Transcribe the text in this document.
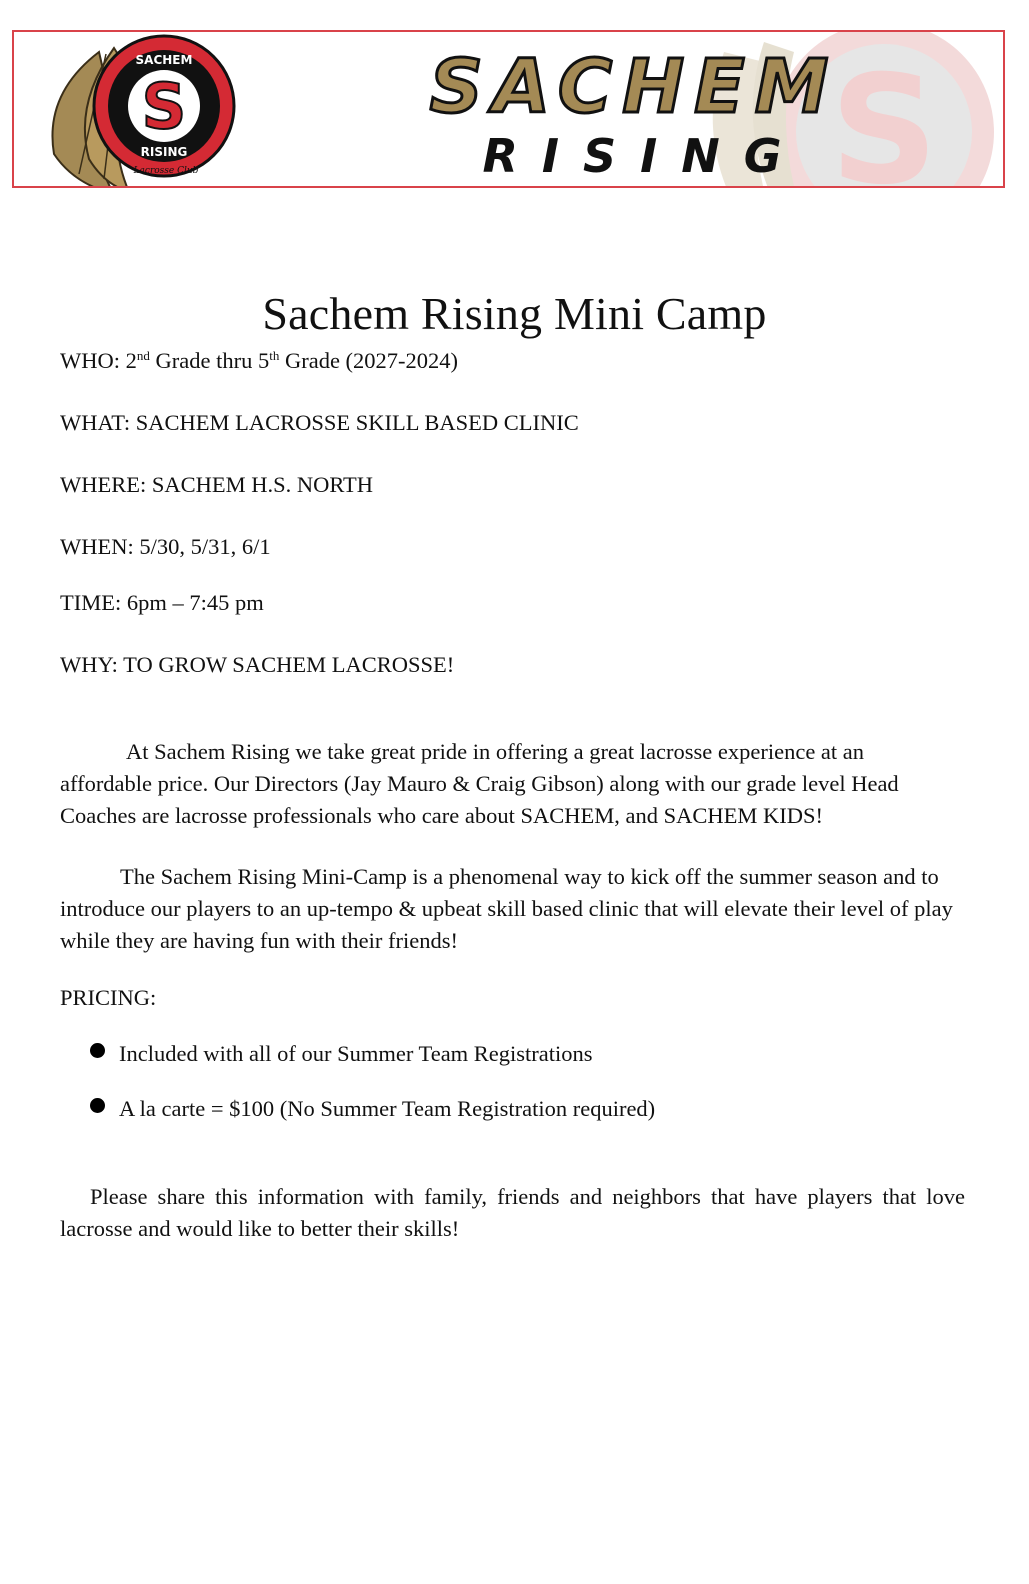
S
S
SACHEM
RISING
Lacrosse Club
SACHEM
RISING
Sachem Rising Mini Camp
WHO: 2nd Grade thru 5th Grade (2027-2024)
WHAT: SACHEM LACROSSE SKILL BASED CLINIC
WHERE: SACHEM H.S. NORTH
WHEN: 5/30, 5/31, 6/1
TIME: 6pm – 7:45 pm
WHY: TO GROW SACHEM LACROSSE!
At Sachem Rising we take great pride in offering a great lacrosse experience at an affordable price. Our Directors (Jay Mauro & Craig Gibson) along with our grade level Head Coaches are lacrosse professionals who care about SACHEM, and SACHEM KIDS!
The Sachem Rising Mini-Camp is a phenomenal way to kick off the summer season and to introduce our players to an up-tempo & upbeat skill based clinic that will elevate their level of play while they are having fun with their friends!
PRICING:
Included with all of our Summer Team Registrations
A la carte = $100 (No Summer Team Registration required)
Please share this information with family, friends and neighbors that have players that love lacrosse and would like to better their skills!
